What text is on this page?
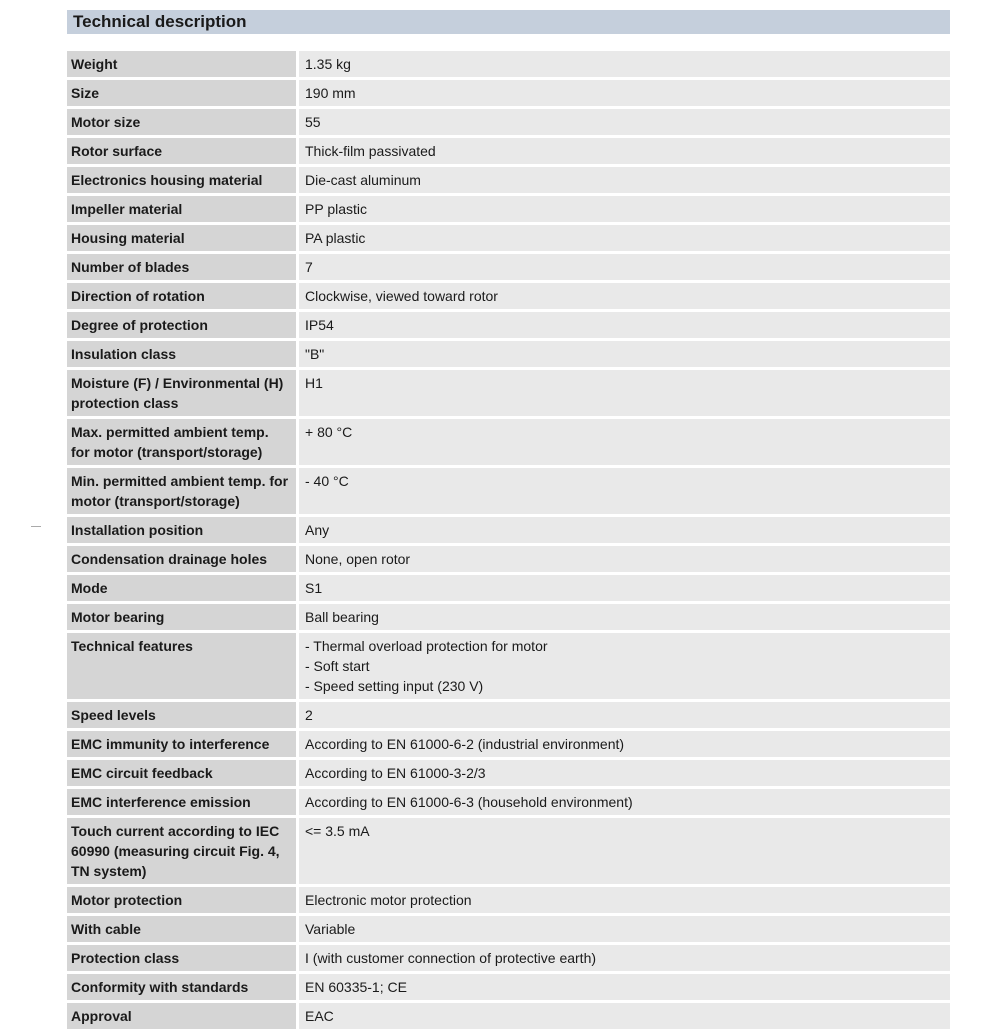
Technical description
Weight	1.35 kg

Size	190 mm

Motor size	55

Rotor surface	Thick-film passivated

Electronics housing material	Die-cast aluminum

Impeller material	PP plastic

Housing material	PA plastic

Number of blades	7

Direction of rotation	Clockwise, viewed toward rotor

Degree of protection	IP54

Insulation class	"B"

Moisture (F) / Environmental (H) protection class	H1

Max. permitted ambient temp. for motor (transport/storage)	+ 80 °C

Min. permitted ambient temp. for motor (transport/storage)	- 40 °C

Installation position	Any

Condensation drainage holes	None, open rotor

Mode	S1

Motor bearing	Ball bearing

Technical features	- Thermal overload protection for motor
- Soft start
- Speed setting input (230 V)

Speed levels	2

EMC immunity to interference	According to EN 61000-6-2 (industrial environment)

EMC circuit feedback	According to EN 61000-3-2/3

EMC interference emission	According to EN 61000-6-3 (household environment)

Touch current according to IEC 60990 (measuring circuit Fig. 4, TN system)	<= 3.5 mA

Motor protection	Electronic motor protection

With cable	Variable

Protection class	I (with customer connection of protective earth)

Conformity with standards	EN 60335-1; CE

Approval	EAC
